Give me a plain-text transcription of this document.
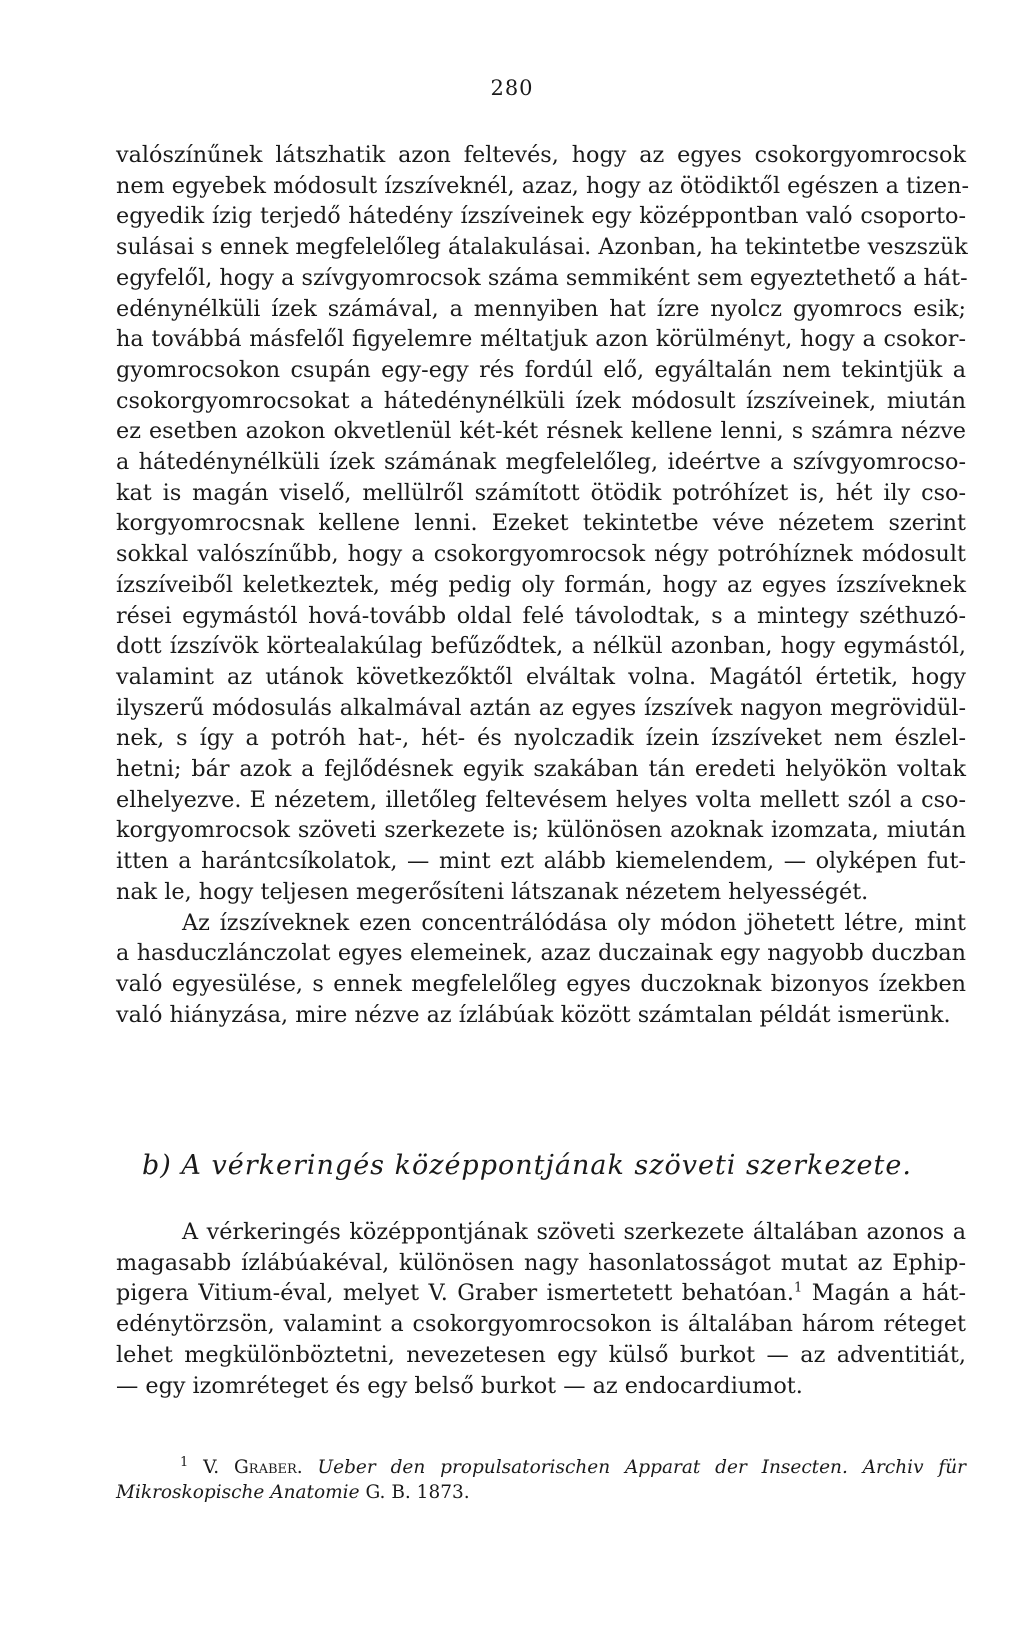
280
valószínűnek látszhatik azon feltevés, hogy az egyes csokorgyomrocsok
nem egyebek módosult ízszíveknél, azaz, hogy az ötödiktől egészen a tizen-
egyedik ízig terjedő hátedény ízszíveinek egy középpontban való csoporto-
sulásai s ennek megfelelőleg átalakulásai. Azonban, ha tekintetbe veszszük
egyfelől, hogy a szívgyomrocsok száma semmiként sem egyeztethető a hát-
edénynélküli ízek számával, a mennyiben hat ízre nyolcz gyomrocs esik;
ha továbbá másfelől figyelemre méltatjuk azon körülményt, hogy a csokor-
gyomrocsokon csupán egy-egy rés fordúl elő, egyáltalán nem tekintjük a
csokorgyomrocsokat a hátedénynélküli ízek módosult ízszíveinek, miután
ez esetben azokon okvetlenül két-két résnek kellene lenni, s számra nézve
a hátedénynélküli ízek számának megfelelőleg, ideértve a szívgyomrocso-
kat is magán viselő, mellülről számított ötödik potróhízet is, hét ily cso-
korgyomrocsnak kellene lenni. Ezeket tekintetbe véve nézetem szerint
sokkal valószínűbb, hogy a csokorgyomrocsok négy potróhíznek módosult
ízszíveiből keletkeztek, még pedig oly formán, hogy az egyes ízszíveknek
rései egymástól hová-tovább oldal felé távolodtak, s a mintegy széthuzó-
dott ízszívök körtealakúlag befűződtek, a nélkül azonban, hogy egymástól,
valamint az utánok következőktől elváltak volna. Magától értetik, hogy
ilyszerű módosulás alkalmával aztán az egyes ízszívek nagyon megrövidül-
nek, s így a potróh hat-, hét- és nyolczadik ízein ízszíveket nem észlel-
hetni; bár azok a fejlődésnek egyik szakában tán eredeti helyökön voltak
elhelyezve. E nézetem, illetőleg feltevésem helyes volta mellett szól a cso-
korgyomrocsok szöveti szerkezete is; különösen azoknak izomzata, miután
itten a harántcsíkolatok, — mint ezt alább kiemelendem, — olyképen fut-
nak le, hogy teljesen megerősíteni látszanak nézetem helyességét.
Az ízszíveknek ezen concentrálódása oly módon jöhetett létre, mint
a hasduczlánczolat egyes elemeinek, azaz duczainak egy nagyobb duczban
való egyesülése, s ennek megfelelőleg egyes duczoknak bizonyos ízekben
való hiányzása, mire nézve az ízlábúak között számtalan példát ismerünk.
b) A vérkeringés középpontjának szöveti szerkezete.
A vérkeringés középpontjának szöveti szerkezete általában azonos a
magasabb ízlábúakéval, különösen nagy hasonlatosságot mutat az Ephip-
pigera Vitium-éval, melyet V. Graber ismertetett behatóan.$^1$ Magán a hát-
edénytörzsön, valamint a csokorgyomrocsokon is általában három réteget
lehet megkülönböztetni, nevezetesen egy külső burkot — az adventitiát,
— egy izomréteget és egy belső burkot — az endocardiumot.
$^1$ V. Graber. Ueber den propulsatorischen Apparat der Insecten. Archiv für
Mikroskopische Anatomie G. B. 1873.
